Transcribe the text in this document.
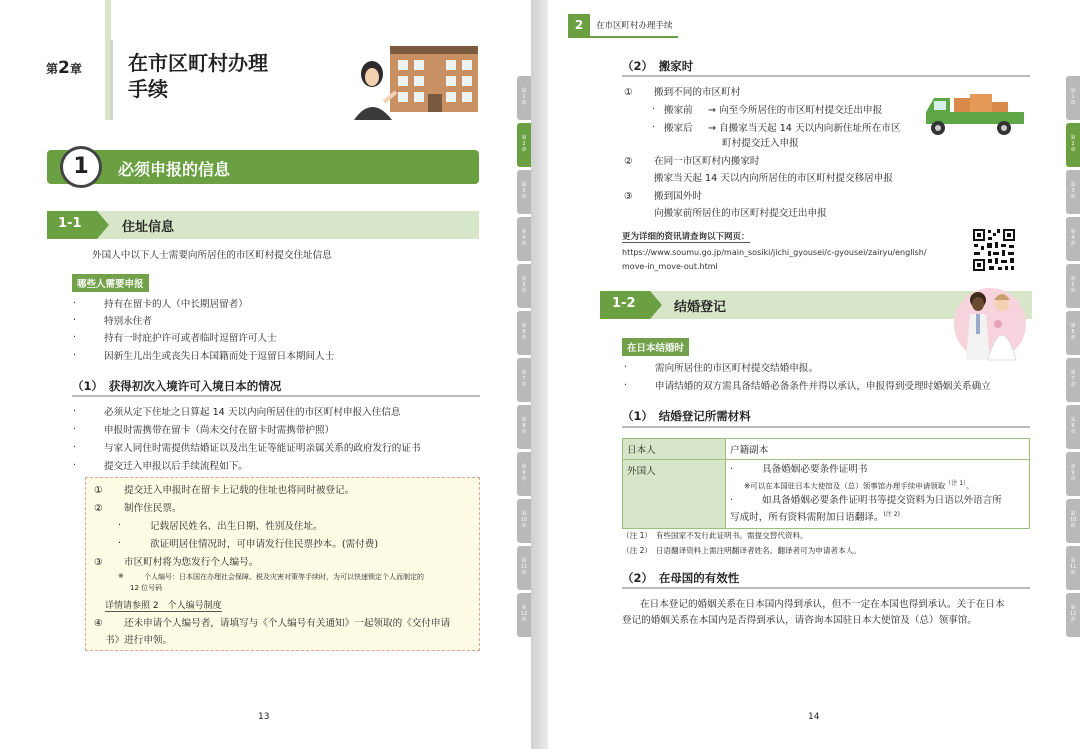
第2章 在市区町村办理
手续
1	必须申报的信息
1-1	住址信息
外国人中以下人士需要向所居住的市区町村提交住址信息
哪些人需要申报
·	持有在留卡的人（中长期居留者）
·	特别永住者
·	持有一时庇护许可或者临时逗留许可人士
·	因新生儿出生或丧失日本国籍而处于逗留日本期间人士
（1）　获得初次入境许可入境日本的情况
·	必须从定下住址之日算起 14 天以内向所居住的市区町村申报入住信息
·	申报时需携带在留卡（尚未交付在留卡时需携带护照）
·	与家人同住时需提供结婚证以及出生证等能证明亲属关系的政府发行的证书
·	提交迁入申报以后手续流程如下。
① 提交迁入申报时在留卡上记载的住址也将同时被登记。
② 制作住民票。
·	记载居民姓名、出生日期、性别及住址。
·	欲证明居住情况时，可申请发行住民票抄本。(需付费)
③ 市区町村将为您发行个人编号。
※	个人编号：日本国在办理社会保障、税及灾害对策等手续时，为可以快速锁定个人而制定的
12 位号码
详情请参照 2　个人编号制度
④ 还未申请个人编号者，请填写与《个人编号有关通知》一起领取的《交付申请
书》进行申领。
13
第1章
第2章
第3章
第4章
第5章
第6章
第7章
第8章
第9章
第10章
第11章
第12章
2	在市区町村办理手续
（2）　搬家时
① 搬到不同的市区町村
· 搬家前 → 向至今所居住的市区町村提交迁出申报
· 搬家后 → 自搬家当天起 14 天以内向新住址所在市区
町村提交迁入申报
② 在同一市区町村内搬家时
搬家当天起 14 天以内向所居住的市区町村提交移居申报
③ 搬到国外时
向搬家前所居住的市区町村提交迁出申报
更为详细的资讯请查询以下网页：
https://www.soumu.go.jp/main_sosiki/jichi_gyousei/c-gyousei/zairyu/english/
move-in_move-out.html
1-2	结婚登记
在日本结婚时
·	需向所居住的市区町村提交结婚申报。
·	申请结婚的双方需具备结婚必备条件并得以承认，申报得到受理时婚姻关系确立
（1）　结婚登记所需材料
日本人	户籍副本
外国人	· 具备婚姻必要条件证明书
※可以在本国驻日本大使馆及（总）领事馆办理手续申请领取$^{(注 1)}$。
· 如具备婚姻必要条件证明书等提交资料为日语以外语言所
写成时，所有资料需附加日语翻译。$^{(注 2)}$
（注 1）　有些国家不发行此证明书。需提交替代资料。
（注 2）　日语翻译资料上需注明翻译者姓名。翻译者可为申请者本人。
（2）　在母国的有效性
在日本登记的婚姻关系在日本国内得到承认，但不一定在本国也得到承认。关于在日本
登记的婚姻关系在本国内是否得到承认，请咨询本国驻日本大使馆及（总）领事馆。
14
第1章
第2章
第3章
第4章
第5章
第6章
第7章
第8章
第9章
第10章
第11章
第12章
